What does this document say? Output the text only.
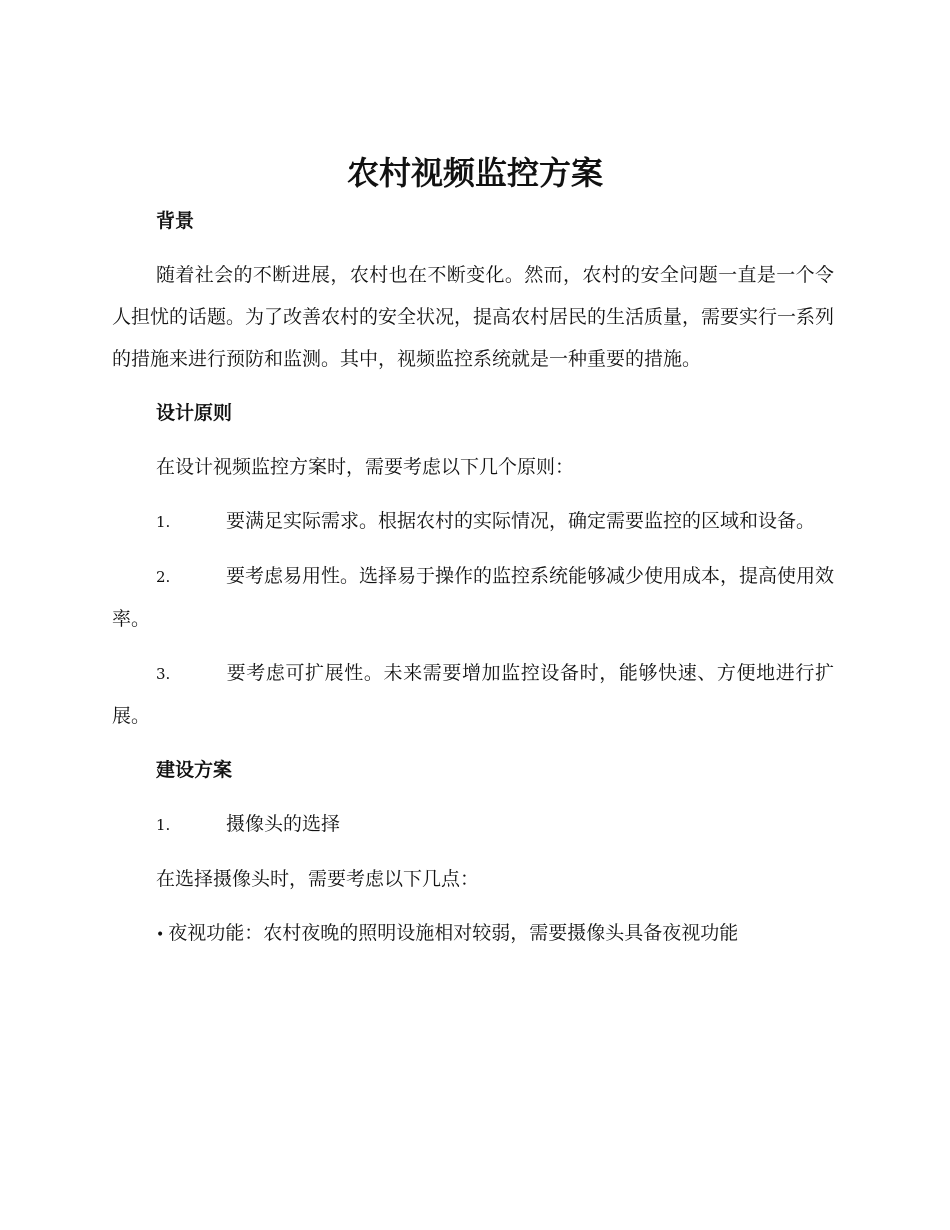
农村视频监控方案
背景

随着社会的不断进展，农村也在不断变化。然而，农村的安全问题一直是一个令人担忧的话题。为了改善农村的安全状况，提高农村居民的生活质量，需要实行一系列的措施来进行预防和监测。其中，视频监控系统就是一种重要的措施。

设计原则

在设计视频监控方案时，需要考虑以下几个原则：

1.	要满足实际需求。根据农村的实际情况，确定需要监控的区域和设备。

2.	要考虑易用性。选择易于操作的监控系统能够减少使用成本，提高使用效率。

3.	要考虑可扩展性。未来需要增加监控设备时，能够快速、方便地进行扩展。

建设方案

1.	摄像头的选择

在选择摄像头时，需要考虑以下几点：

• 夜视功能：农村夜晚的照明设施相对较弱，需要摄像头具备夜视功能
